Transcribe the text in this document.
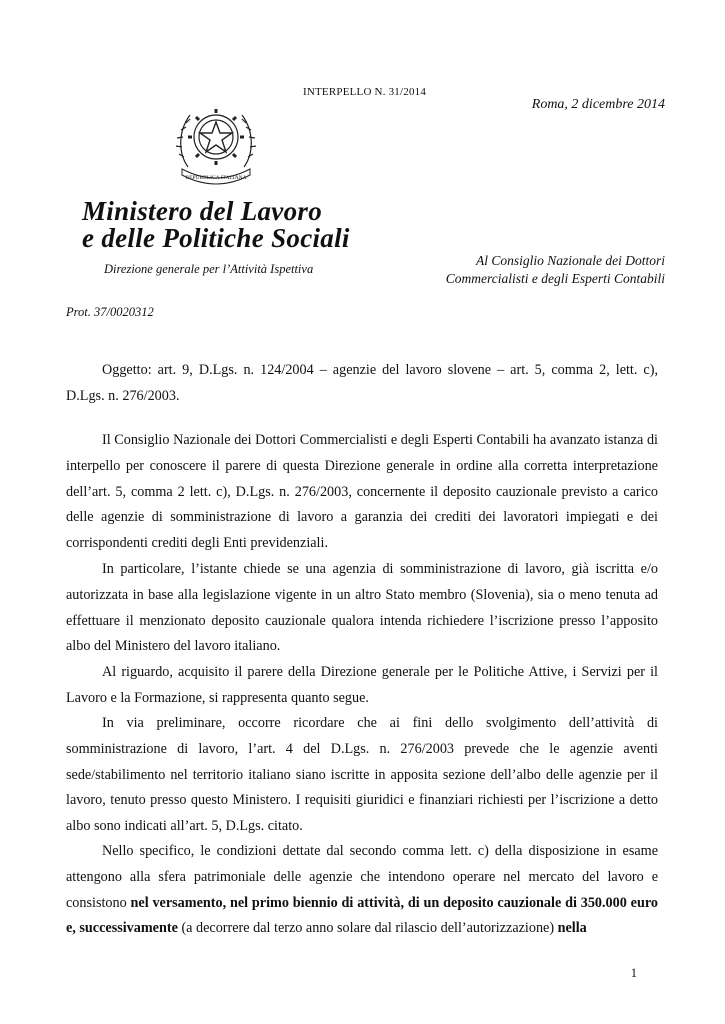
INTERPELLO N. 31/2014
Roma, 2 dicembre 2014
REPUBBLICA ITALIANA
Ministero del Lavoro
e delle Politiche Sociali
Direzione generale per l’Attività Ispettiva
Al Consiglio Nazionale dei Dottori
Commercialisti e degli Esperti Contabili
Prot. 37/0020312

Oggetto: art. 9, D.Lgs. n. 124/2004 – agenzie del lavoro slovene – art. 5, comma 2, lett. c), D.Lgs. n. 276/2003.

Il Consiglio Nazionale dei Dottori Commercialisti e degli Esperti Contabili ha avanzato istanza di interpello per conoscere il parere di questa Direzione generale in ordine alla corretta interpretazione dell’art. 5, comma 2 lett. c), D.Lgs. n. 276/2003, concernente il deposito cauzionale previsto a carico delle agenzie di somministrazione di lavoro a garanzia dei crediti dei lavoratori impiegati e dei corrispondenti crediti degli Enti previdenziali.

In particolare, l’istante chiede se una agenzia di somministrazione di lavoro, già iscritta e/o autorizzata in base alla legislazione vigente in un altro Stato membro (Slovenia), sia o meno tenuta ad effettuare il menzionato deposito cauzionale qualora intenda richiedere l’iscrizione presso l’apposito albo del Ministero del lavoro italiano.

Al riguardo, acquisito il parere della Direzione generale per le Politiche Attive, i Servizi per il Lavoro e la Formazione, si rappresenta quanto segue.

In via preliminare, occorre ricordare che ai fini dello svolgimento dell’attività di somministrazione di lavoro, l’art. 4 del D.Lgs. n. 276/2003 prevede che le agenzie aventi sede/stabilimento nel territorio italiano siano iscritte in apposita sezione dell’albo delle agenzie per il lavoro, tenuto presso questo Ministero. I requisiti giuridici e finanziari richiesti per l’iscrizione a detto albo sono indicati all’art. 5, D.Lgs. citato.

Nello specifico, le condizioni dettate dal secondo comma lett. c) della disposizione in esame attengono alla sfera patrimoniale delle agenzie che intendono operare nel mercato del lavoro e consistono nel versamento, nel primo biennio di attività, di un deposito cauzionale di 350.000 euro e, successivamente (a decorrere dal terzo anno solare dal rilascio dell’autorizzazione) nella

1
